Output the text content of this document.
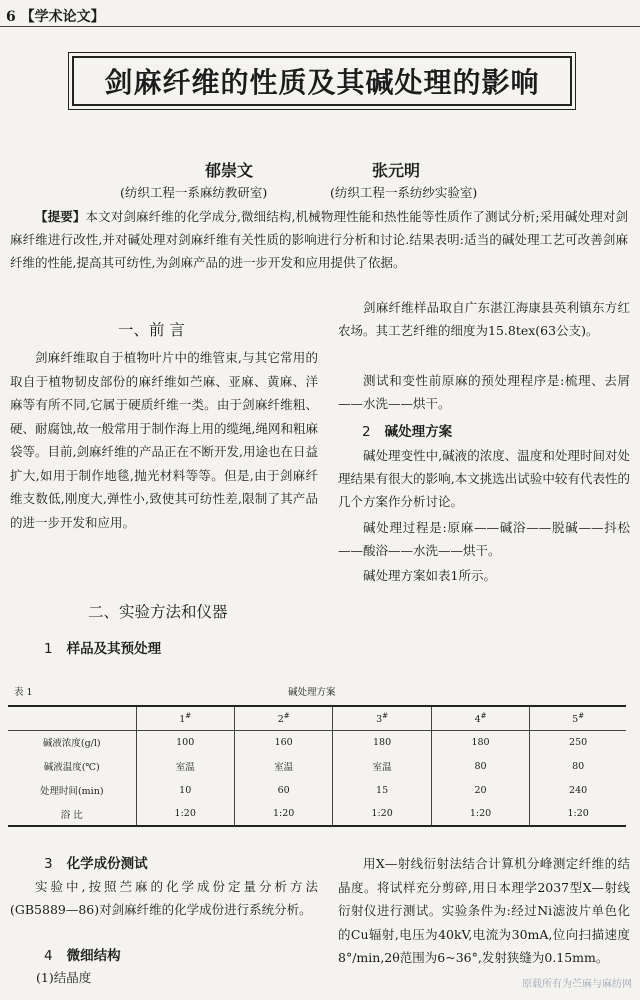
6 【学术论文】
剑麻纤维的性质及其碱处理的影响
郁崇文	张元明
(纺织工程一系麻纺教研室)	(纺织工程一系纺纱实验室)
【提要】本文对剑麻纤维的化学成分,微细结构,机械物理性能和热性能等性质作了测试分析;采用碱处理对剑麻纤维进行改性,并对碱处理对剑麻纤维有关性质的影响进行分析和讨论.结果表明:适当的碱处理工艺可改善剑麻纤维的性能,提高其可纺性,为剑麻产品的进一步开发和应用提供了依据。
一、前 言
剑麻纤维取自于植物叶片中的维管束,与其它常用的取自于植物韧皮部份的麻纤维如苎麻、亚麻、黄麻、洋麻等有所不同,它属于硬质纤维一类。由于剑麻纤维粗、硬、耐腐蚀,故一般常用于制作海上用的缆绳,绳网和粗麻袋等。目前,剑麻纤维的产品正在不断开发,用途也在日益扩大,如用于制作地毯,抛光材料等等。但是,由于剑麻纤维支数低,刚度大,弹性小,致使其可纺性差,限制了其产品的进一步开发和应用。
剑麻纤维样品取自广东湛江海康县英利镇东方红农场。其工艺纤维的细度为15.8tex(63公支)。
测试和变性前原麻的预处理程序是:梳理、去屑——水洗——烘干。
2 碱处理方案
碱处理变性中,碱液的浓度、温度和处理时间对处理结果有很大的影响,本文挑选出试验中较有代表性的几个方案作分析讨论。
碱处理过程是:原麻——碱浴——脱碱——抖松——酸浴——水洗——烘干。
碱处理方案如表1所示。
二、实验方法和仪器
1 样品及其预处理
表 1	碱处理方案
	1#	2#	3#	4#	5#
碱液浓度(g/l)	100	160	180	180	250
碱液温度(℃)	室温	室温	室温	80	80
处理时间(min)	10	60	15	20	240
浴 比	1:20	1:20	1:20	1:20	1:20
3 化学成份测试
实验中,按照苎麻的化学成份定量分析方法(GB5889—86)对剑麻纤维的化学成份进行系统分析。
4 微细结构
(1)结晶度
用X—射线衍射法结合计算机分峰测定纤维的结晶度。将试样充分剪碎,用日本理学2037型X—射线衍射仪进行测试。实验条件为:经过Ni滤波片单色化的Cu辐射,电压为40kV,电流为30mA,位向扫描速度8°/min,2θ范围为6~36°,发射狭缝为0.15mm。
原载所有为苎麻与麻纺网
